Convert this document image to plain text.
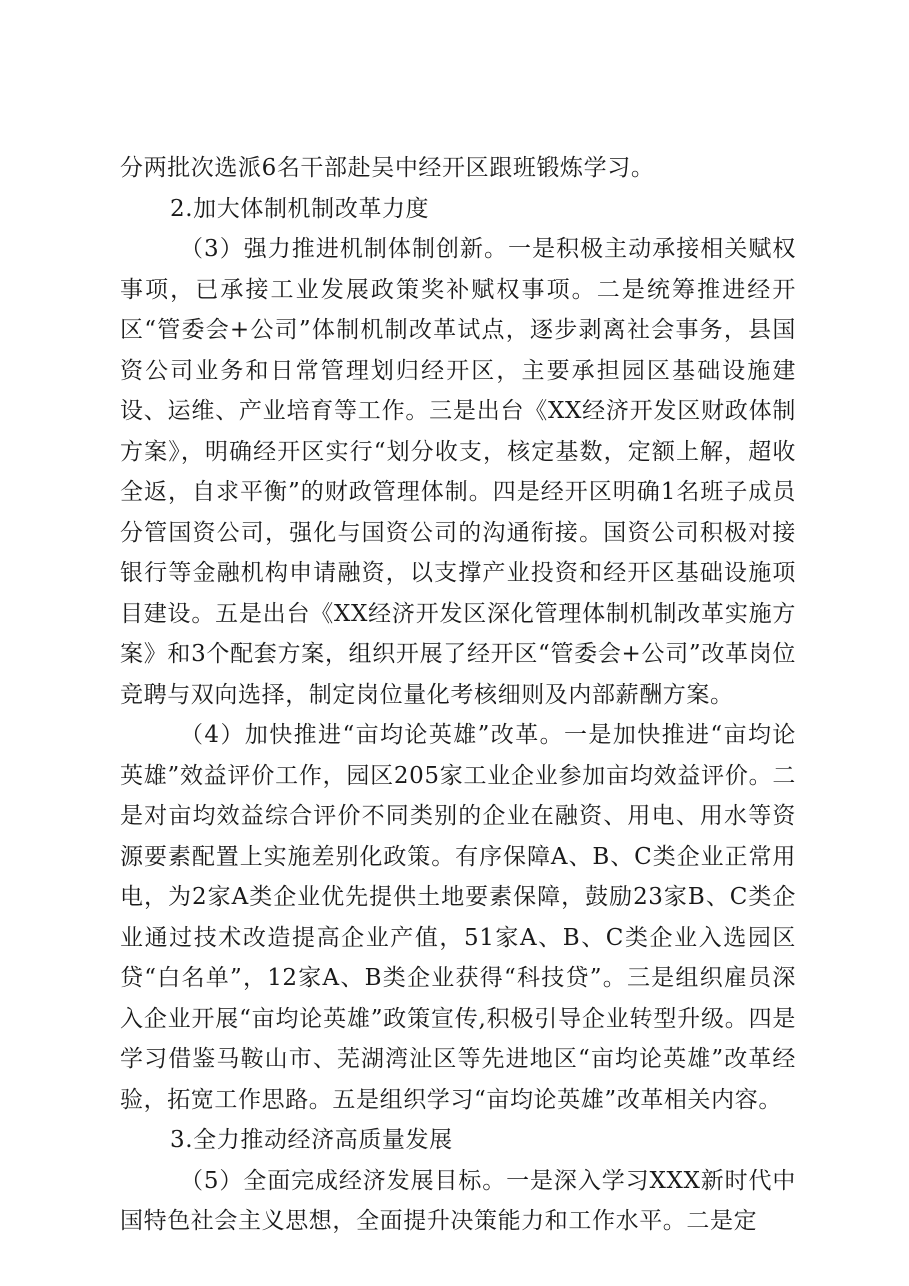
分两批次选派6名干部赴吴中经开区跟班锻炼学习。

2.加大体制机制改革力度

（3）强力推进机制体制创新。一是积极主动承接相关赋权事项，已承接工业发展政策奖补赋权事项。二是统筹推进经开区“管委会+公司”体制机制改革试点，逐步剥离社会事务，县国资公司业务和日常管理划归经开区，主要承担园区基础设施建设、运维、产业培育等工作。三是出台《XX经济开发区财政体制方案》，明确经开区实行“划分收支，核定基数，定额上解，超收全返，自求平衡”的财政管理体制。四是经开区明确1名班子成员分管国资公司，强化与国资公司的沟通衔接。国资公司积极对接银行等金融机构申请融资，以支撑产业投资和经开区基础设施项目建设。五是出台《XX经济开发区深化管理体制机制改革实施方案》和3个配套方案，组织开展了经开区“管委会+公司”改革岗位竞聘与双向选择，制定岗位量化考核细则及内部薪酬方案。

（4）加快推进“亩均论英雄”改革。一是加快推进“亩均论英雄”效益评价工作，园区205家工业企业参加亩均效益评价。二是对亩均效益综合评价不同类别的企业在融资、用电、用水等资源要素配置上实施差别化政策。有序保障A、B、C类企业正常用电，为2家A类企业优先提供土地要素保障，鼓励23家B、C类企业通过技术改造提高企业产值，51家A、B、C类企业入选园区贷“白名单”，12家A、B类企业获得“科技贷”。三是组织雇员深入企业开展“亩均论英雄”政策宣传,积极引导企业转型升级。四是学习借鉴马鞍山市、芜湖湾沚区等先进地区“亩均论英雄”改革经验，拓宽工作思路。五是组织学习“亩均论英雄”改革相关内容。

3.全力推动经济高质量发展

（5）全面完成经济发展目标。一是深入学习XXX新时代中国特色社会主义思想，全面提升决策能力和工作水平。二是定
